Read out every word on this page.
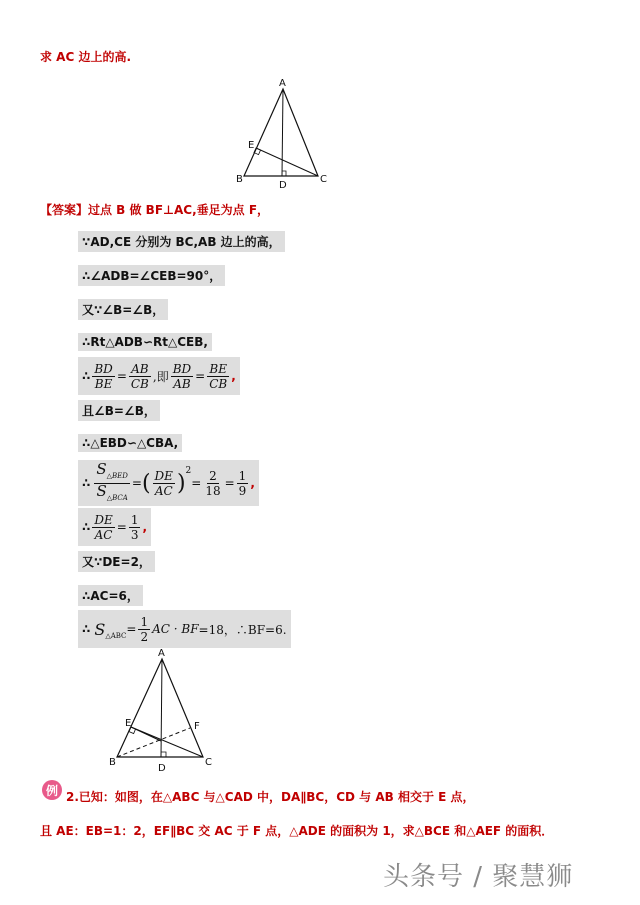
求 AC 边上的高.
A
B	C
D
E
【答案】过点 B 做 BF⊥AC,垂足为点 F，
∵AD,CE 分别为 BC,AB 边上的高，
∴∠ADB=∠CEB=90°，
又∵∠B=∠B，
∴Rt△ADB∽Rt△CEB,
∴ $\frac{BD}{BE} = \frac{AB}{CB}$ ,即 $\frac{BD}{AB} = \frac{BE}{CB}$ ,
且∠B=∠B，
∴△EBD∽△CBA,
∴ $\frac{S_{\triangle BED}}{S_{\triangle BCA}}$ = ( $\frac{DE}{AC} )^2$
= $\frac{2}{18} = \frac{1}{9}$ ,
∴ $\frac{DE}{AC} = \frac{1}{3}$ ,
又∵DE=2，
∴AC=6，
∴ $S_{\triangle ABC} = \frac{1}{2}$ AC · BF =18，∴BF=6.
A
B	C
D
E	F
例 2.已知：如图，在△ABC 与△CAD 中，DA∥BC，CD 与 AB 相交于 E 点，
且 AE：EB=1：2，EF∥BC 交 AC 于 F 点，△ADE 的面积为 1，求△BCE 和△AEF 的面积．
头条号 / 聚慧狮
